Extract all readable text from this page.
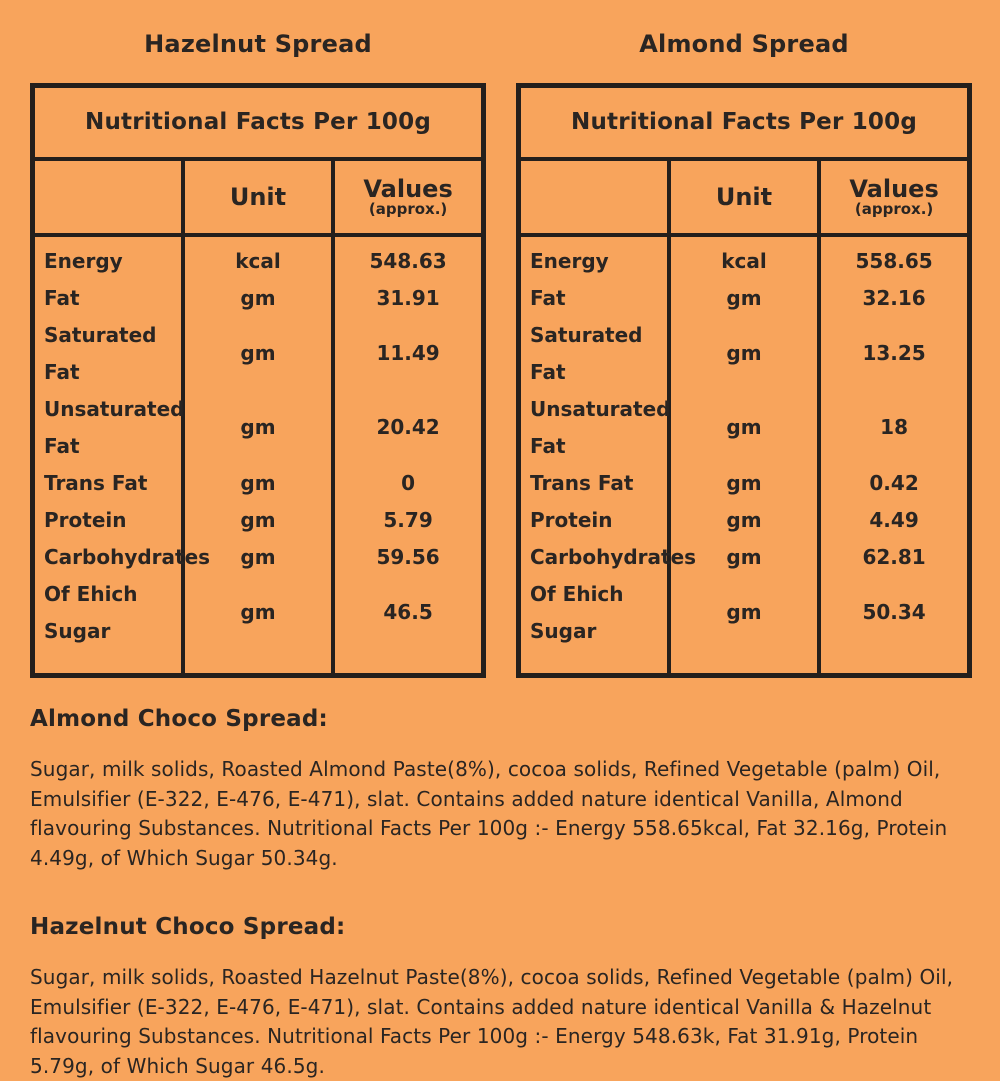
Hazelnut Spread
Nutritional Facts Per 100g		
	Unit	Values
(approx.)

Energy	kcal	548.63
Fat	gm	31.91
Saturated Fat	gm	11.49
Unsaturated Fat	gm	20.42
Trans Fat	gm	0
Protein	gm	5.79
Carbohydrates	gm	59.56
Of Ehich Sugar	gm	46.5

Almond Spread
Nutritional Facts Per 100g		
	Unit	Values
(approx.)

Energy	kcal	558.65
Fat	gm	32.16
Saturated Fat	gm	13.25
Unsaturated Fat	gm	18
Trans Fat	gm	0.42
Protein	gm	4.49
Carbohydrates	gm	62.81
Of Ehich Sugar	gm	50.34

Almond Choco Spread:

Sugar, milk solids, Roasted Almond Paste(8%), cocoa solids, Refined Vegetable (palm) Oil, Emulsifier (E-322, E-476, E-471), slat. Contains added nature identical Vanilla, Almond flavouring Substances. Nutritional Facts Per 100g :- Energy 558.65kcal, Fat 32.16g, Protein 4.49g, of Which Sugar 50.34g.

Hazelnut Choco Spread:

Sugar, milk solids, Roasted Hazelnut Paste(8%), cocoa solids, Refined Vegetable (palm) Oil, Emulsifier (E-322, E-476, E-471), slat. Contains added nature identical Vanilla & Hazelnut flavouring Substances. Nutritional Facts Per 100g :- Energy 548.63k, Fat 31.91g, Protein 5.79g, of Which Sugar 46.5g.
